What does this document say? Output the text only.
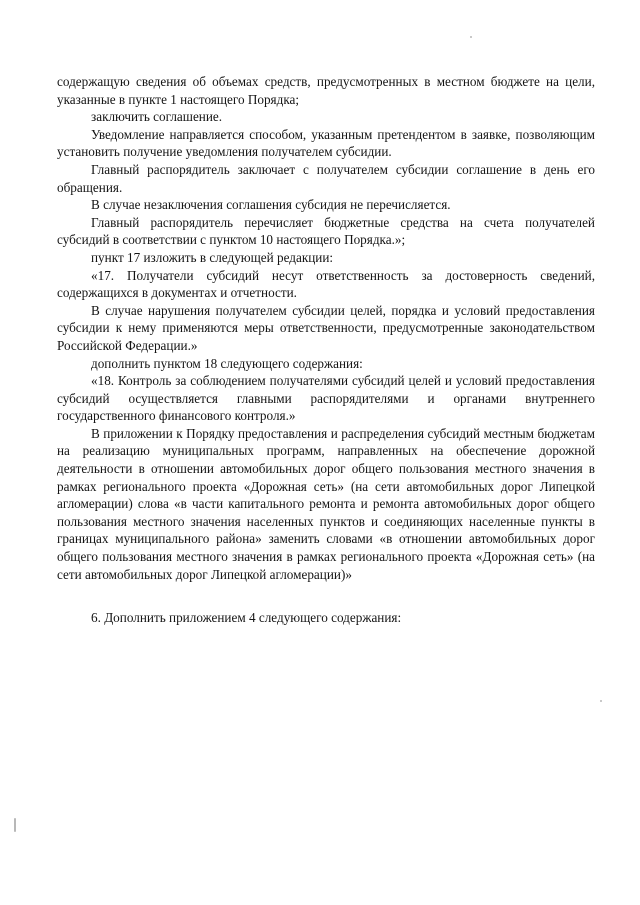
содержащую сведения об объемах средств, предусмотренных в местном бюджете на цели, указанные в пункте 1 настоящего Порядка;

заключить соглашение.

Уведомление направляется способом, указанным претендентом в заявке, позволяющим установить получение уведомления получателем субсидии.

Главный распорядитель заключает с получателем субсидии соглашение в день его обращения.

В случае незаключения соглашения субсидия не перечисляется.

Главный распорядитель перечисляет бюджетные средства на счета получателей субсидий в соответствии с пунктом 10 настоящего Порядка.»;

пункт 17 изложить в следующей редакции:

«17. Получатели субсидий несут ответственность за достоверность сведений, содержащихся в документах и отчетности.

В случае нарушения получателем субсидии целей, порядка и условий предоставления субсидии к нему применяются меры ответственности, предусмотренные законодательством Российской Федерации.»

дополнить пунктом 18 следующего содержания:

«18. Контроль за соблюдением получателями субсидий целей и условий предоставления субсидий осуществляется главными распорядителями и органами внутреннего государственного финансового контроля.»

В приложении к Порядку предоставления и распределения субсидий местным бюджетам на реализацию муниципальных программ, направленных на обеспечение дорожной деятельности в отношении автомобильных дорог общего пользования местного значения в рамках регионального проекта «Дорожная сеть» (на сети автомобильных дорог Липецкой агломерации) слова «в части капитального ремонта и ремонта автомобильных дорог общего пользования местного значения населенных пунктов и соединяющих населенные пункты в границах муниципального района» заменить словами «в отношении автомобильных дорог общего пользования местного значения в рамках регионального проекта «Дорожная сеть» (на сети автомобильных дорог Липецкой агломерации)»

6. Дополнить приложением 4 следующего содержания:
